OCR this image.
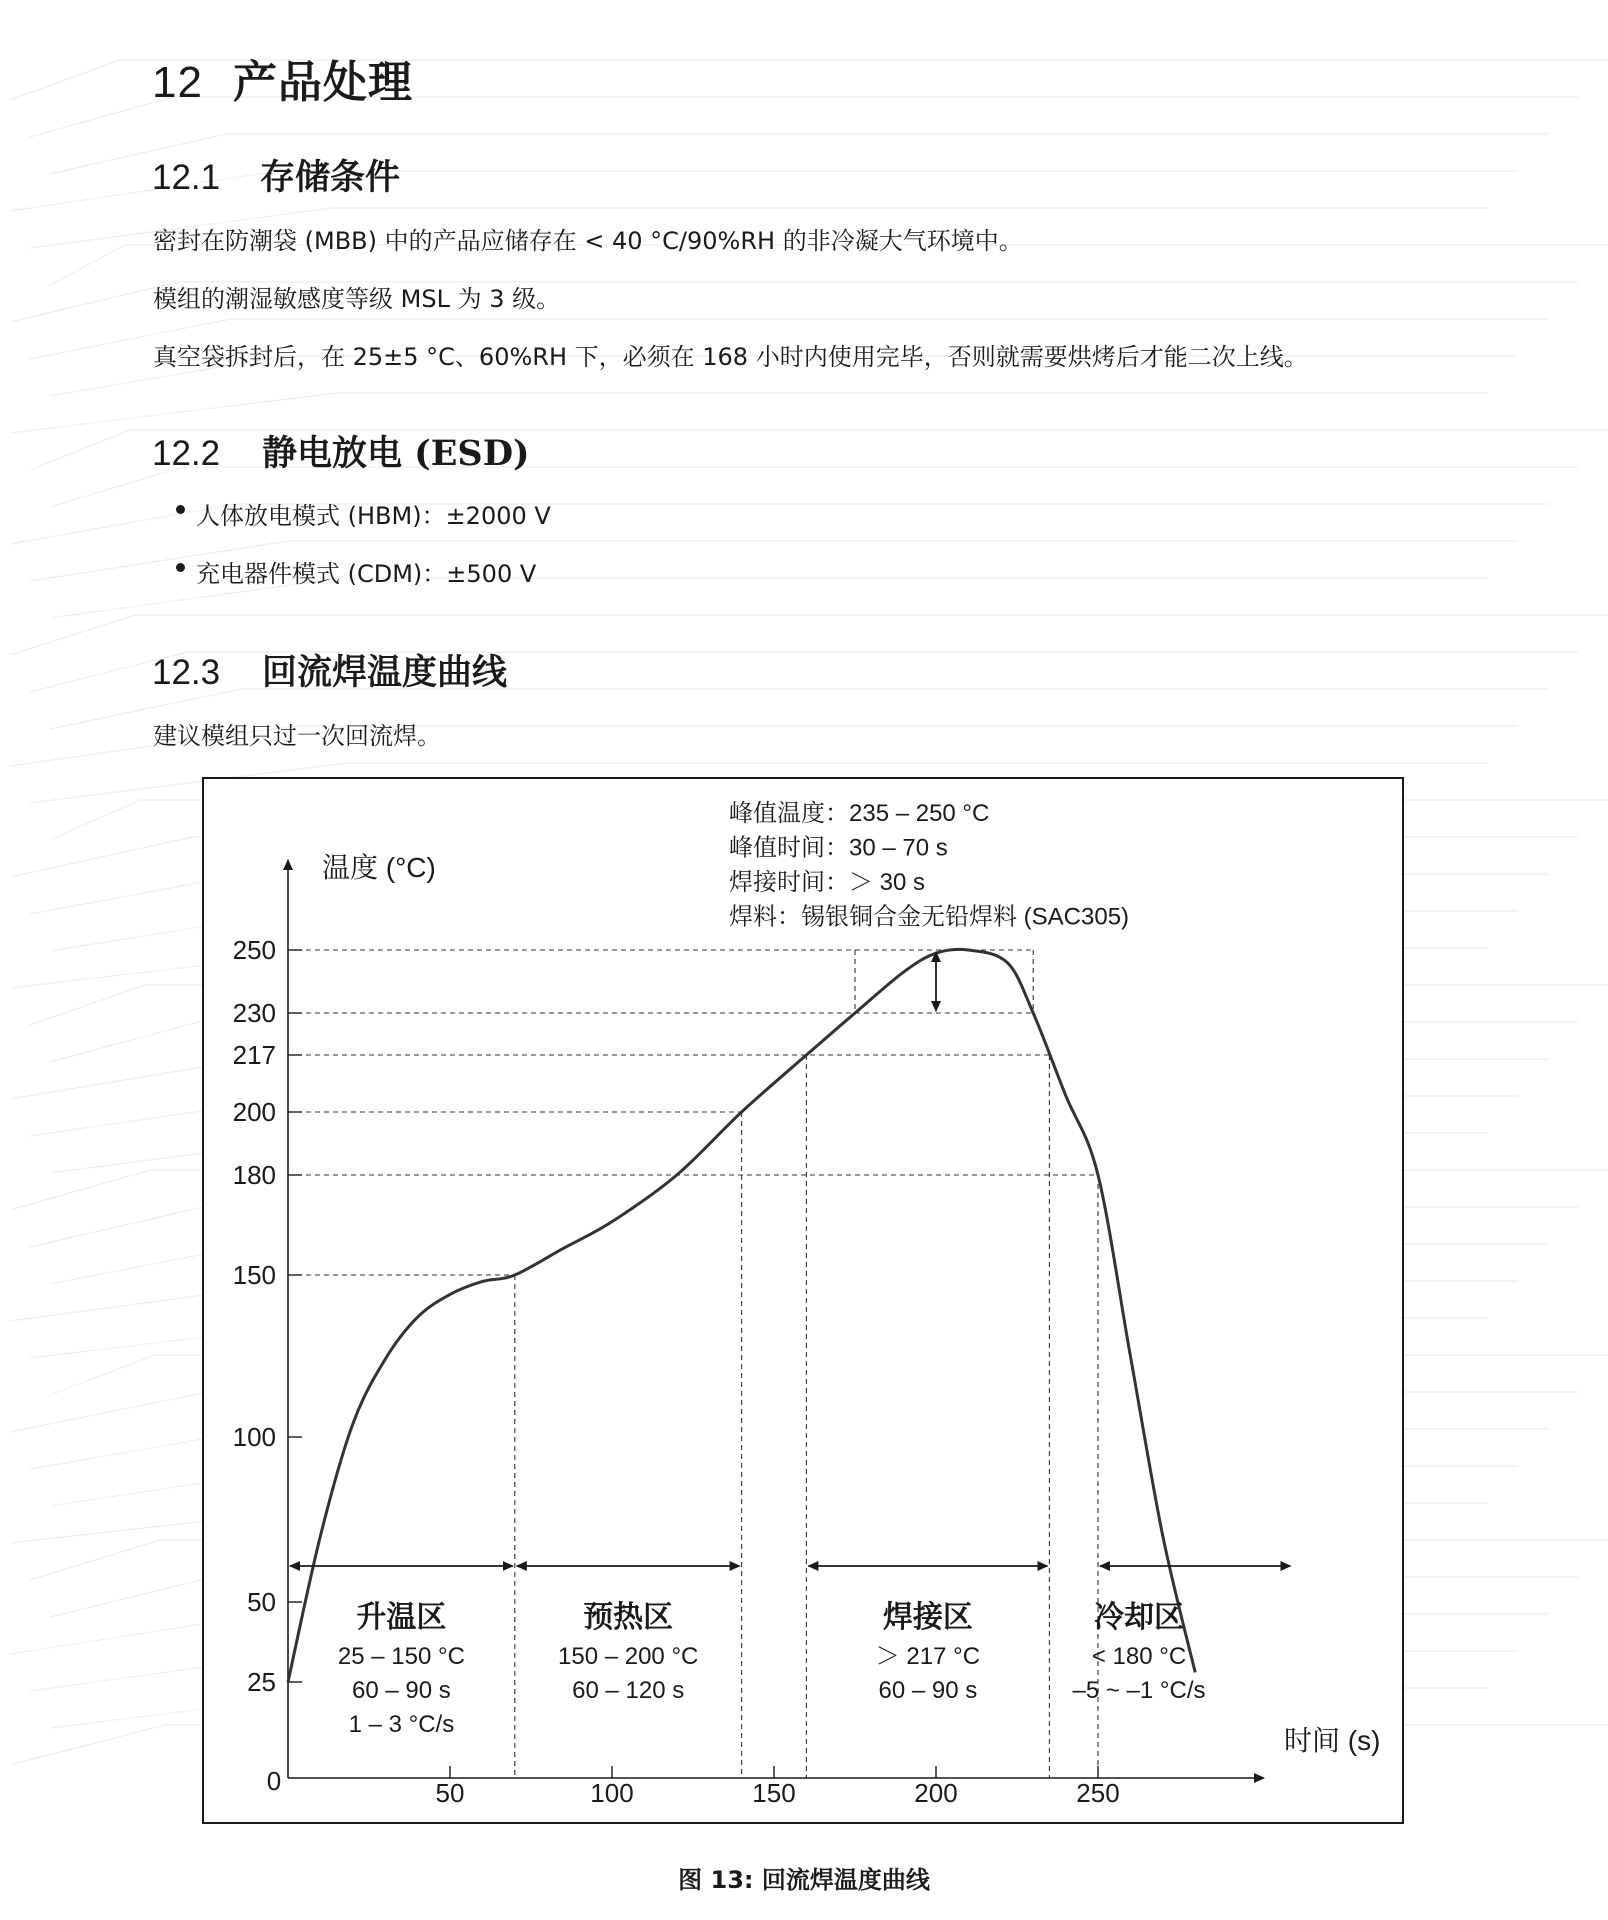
12 产品处理
12.1 存储条件
密封在防潮袋 (MBB) 中的产品应储存在 < 40 °C/90%RH 的非冷凝大气环境中。
模组的潮湿敏感度等级 MSL 为 3 级。
真空袋拆封后，在 25±5 °C、60%RH 下，必须在 168 小时内使用完毕，否则就需要烘烤后才能二次上线。
12.2 静电放电 (ESD)
人体放电模式 (HBM)：±2000 V
充电器件模式 (CDM)：±500 V
12.3 回流焊温度曲线
建议模组只过一次回流焊。
温度 (°C)
时间 (s)
0
25
50
100
150
180
200
217
230
250
50	100	150	200	250
升温区
25 – 150 °C
60 – 90 s
1 – 3 °C/s
预热区
150 – 200 °C
60 – 120 s
焊接区
＞ 217 °C
60 – 90 s
冷却区
< 180 °C
–5 ~ –1 °C/s
峰值温度：235 – 250 °C
峰值时间：30 – 70 s
焊接时间：＞ 30 s
焊料：锡银铜合金无铅焊料 (SAC305)
图 13: 回流焊温度曲线
